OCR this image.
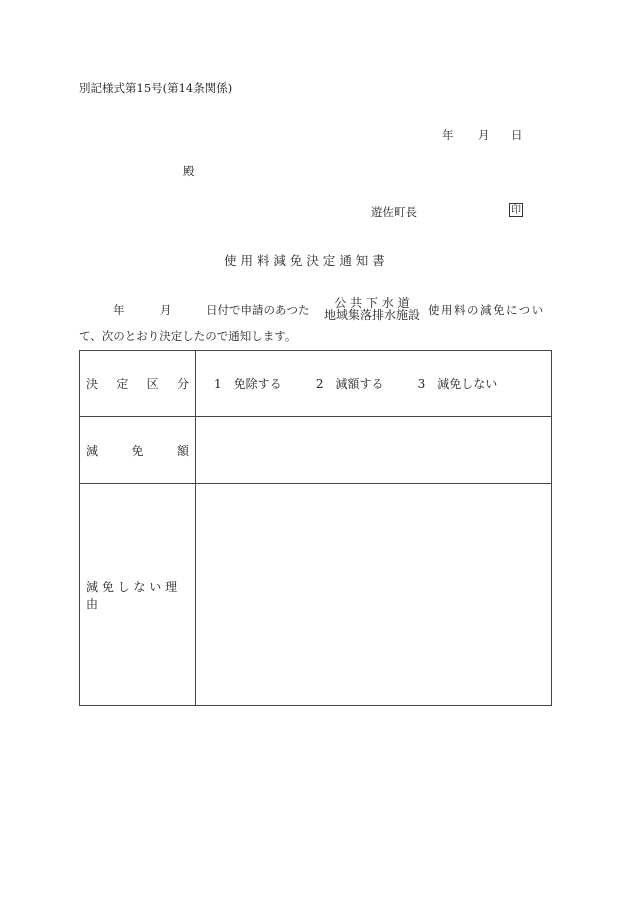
別記様式第15号(第14条関係)
年 月 日
殿
遊佐町長	印
使 用 料 減 免 決 定 通 知 書
年	月	日付で申請のあつた	公 共 下 水 道
地域集落排水施設 使用料の減免につい
て、次のとおり決定したので通知します。
決 定 区 分	1　免除する 2　減額する 3　減免しない

減 免 額	

減 免 し な い 理 由	
